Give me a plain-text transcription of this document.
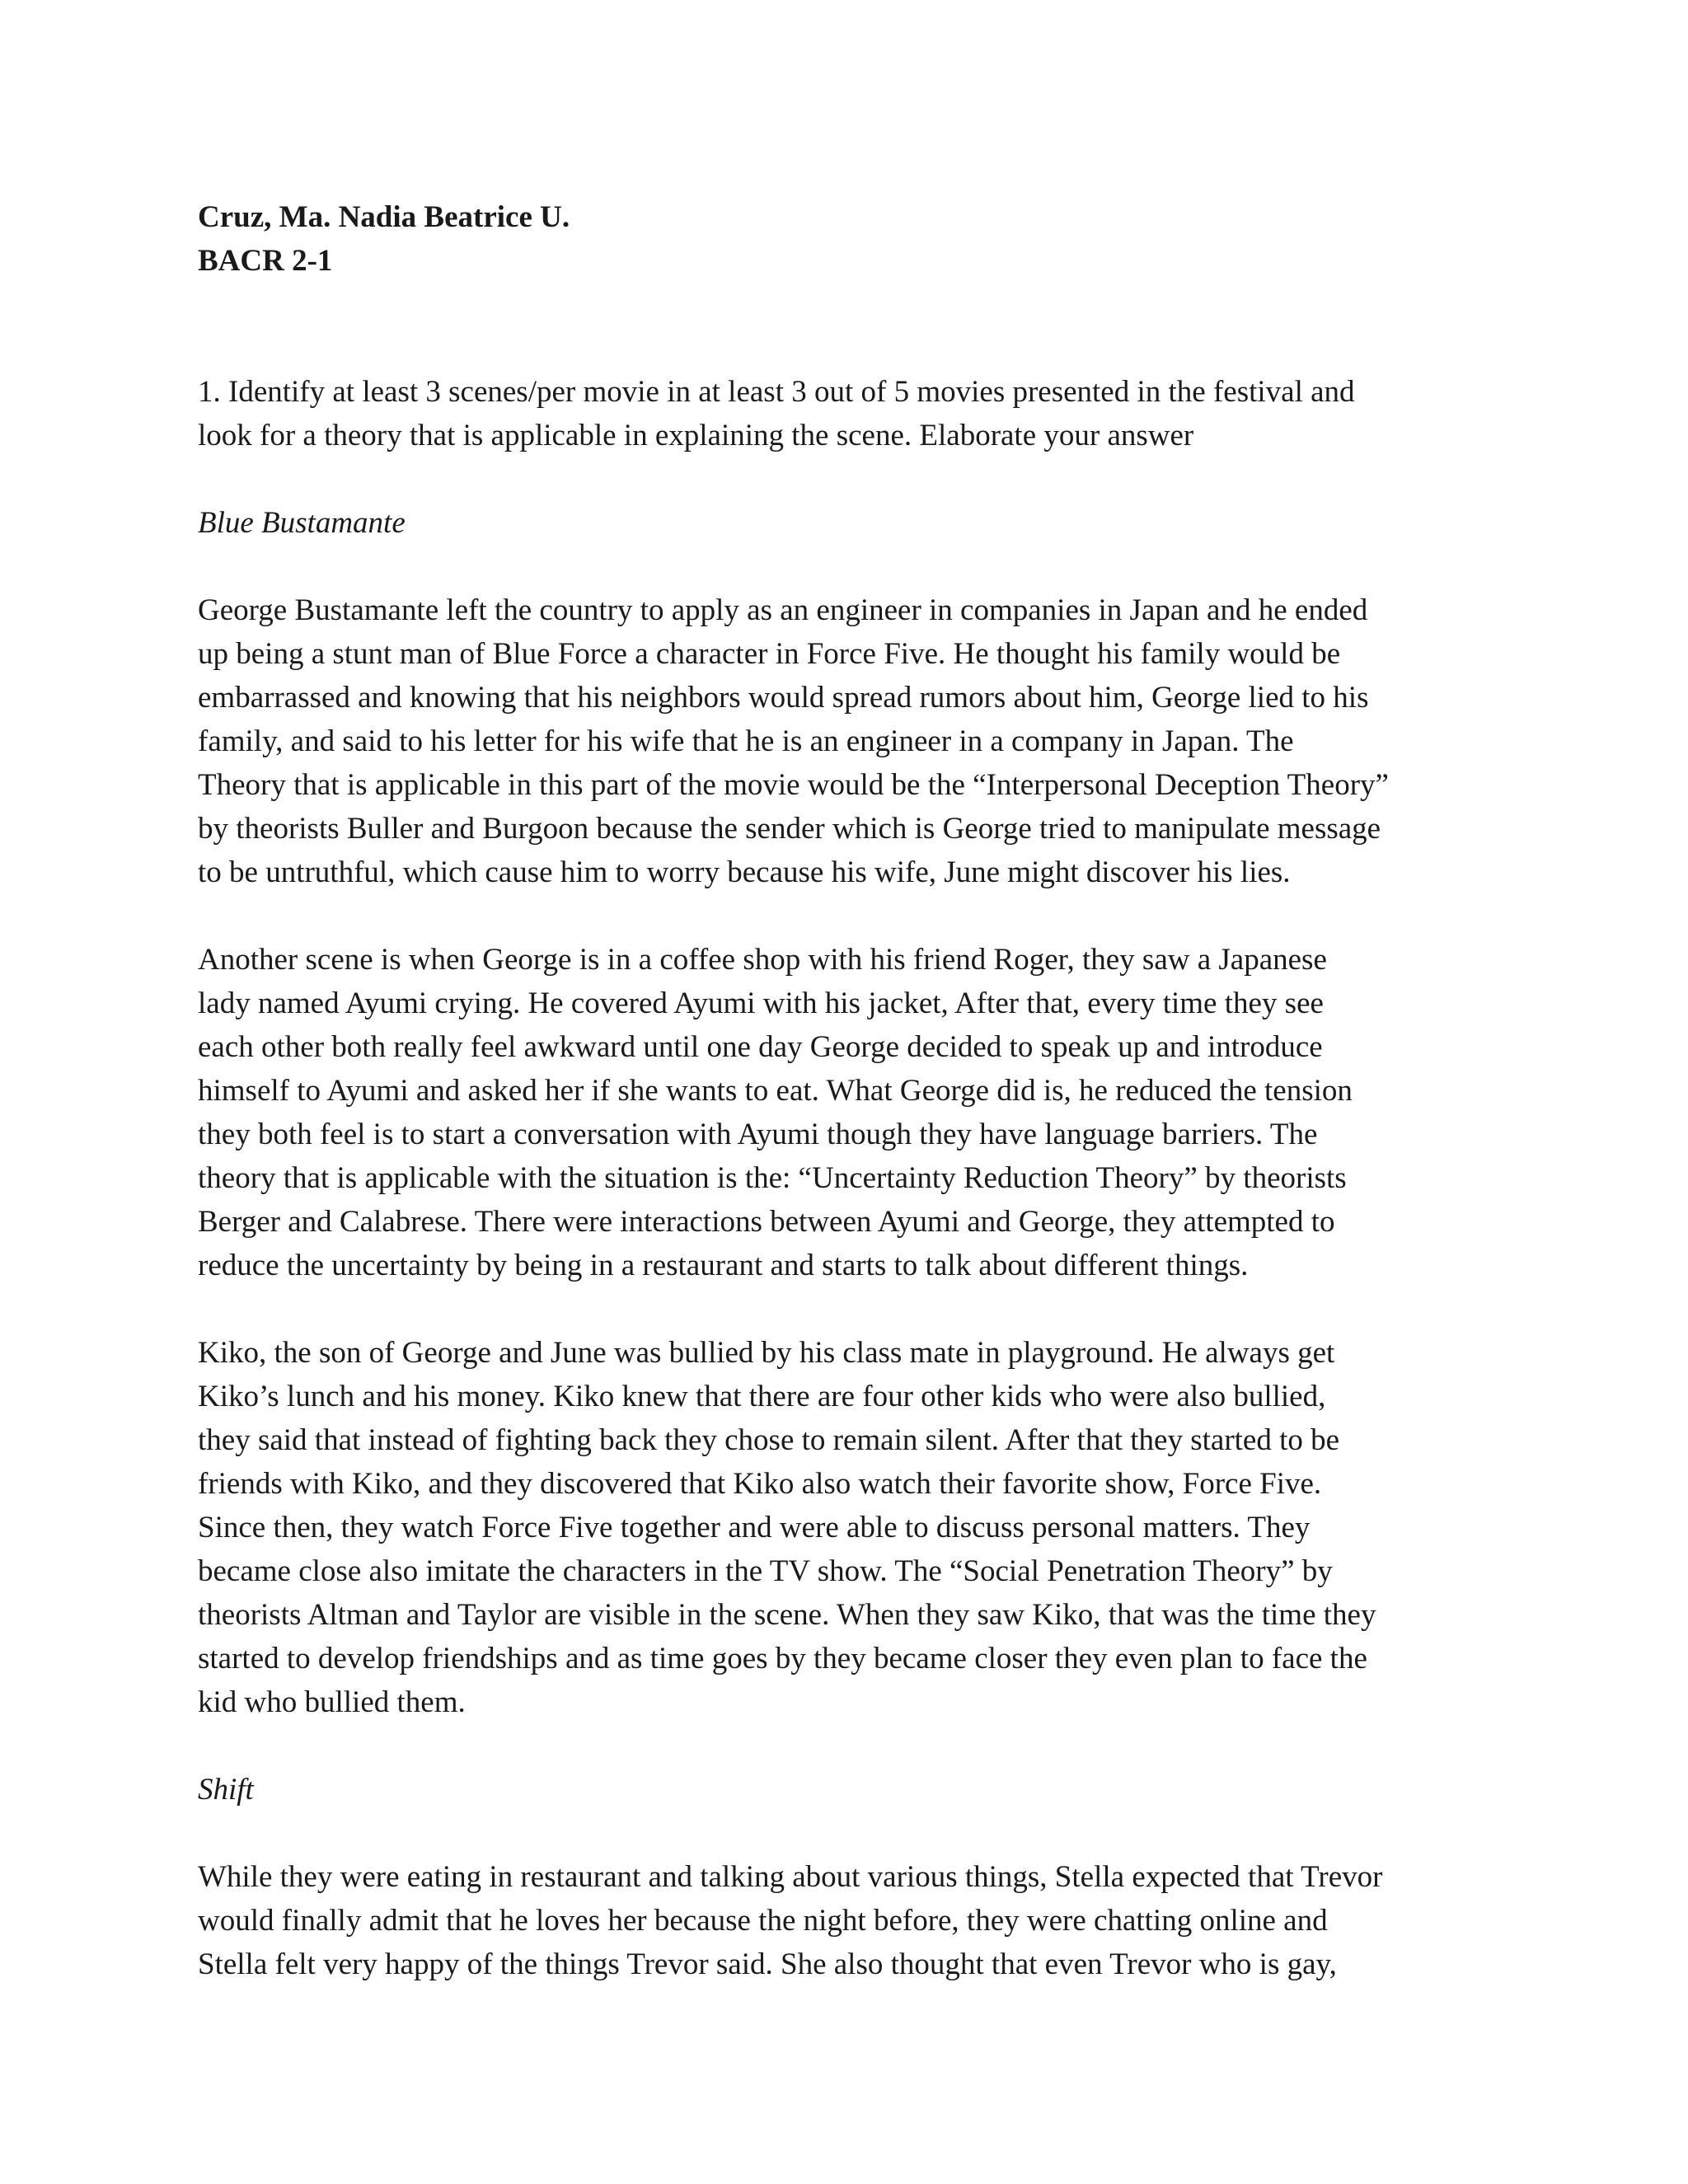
Cruz, Ma. Nadia Beatrice U.

BACR 2-1

1. Identify at least 3 scenes/per movie in at least 3 out of 5 movies presented in the festival and
look for a theory that is applicable in explaining the scene. Elaborate your answer

Blue Bustamante

George Bustamante left the country to apply as an engineer in companies in Japan and he ended
up being a stunt man of Blue Force a character in Force Five. He thought his family would be
embarrassed and knowing that his neighbors would spread rumors about him, George lied to his
family, and said to his letter for his wife that he is an engineer in a company in Japan. The
Theory that is applicable in this part of the movie would be the “Interpersonal Deception Theory”
by theorists Buller and Burgoon because the sender which is George tried to manipulate message
to be untruthful, which cause him to worry because his wife, June might discover his lies.

Another scene is when George is in a coffee shop with his friend Roger, they saw a Japanese
lady named Ayumi crying. He covered Ayumi with his jacket, After that, every time they see
each other both really feel awkward until one day George decided to speak up and introduce
himself to Ayumi and asked her if she wants to eat. What George did is, he reduced the tension
they both feel is to start a conversation with Ayumi though they have language barriers. The
theory that is applicable with the situation is the: “Uncertainty Reduction Theory” by theorists
Berger and Calabrese. There were interactions between Ayumi and George, they attempted to
reduce the uncertainty by being in a restaurant and starts to talk about different things.

Kiko, the son of George and June was bullied by his class mate in playground. He always get
Kiko’s lunch and his money. Kiko knew that there are four other kids who were also bullied,
they said that instead of fighting back they chose to remain silent. After that they started to be
friends with Kiko, and they discovered that Kiko also watch their favorite show, Force Five.
Since then, they watch Force Five together and were able to discuss personal matters. They
became close also imitate the characters in the TV show. The “Social Penetration Theory” by
theorists Altman and Taylor are visible in the scene. When they saw Kiko, that was the time they
started to develop friendships and as time goes by they became closer they even plan to face the
kid who bullied them.

Shift

While they were eating in restaurant and talking about various things, Stella expected that Trevor
would finally admit that he loves her because the night before, they were chatting online and
Stella felt very happy of the things Trevor said. She also thought that even Trevor who is gay,
